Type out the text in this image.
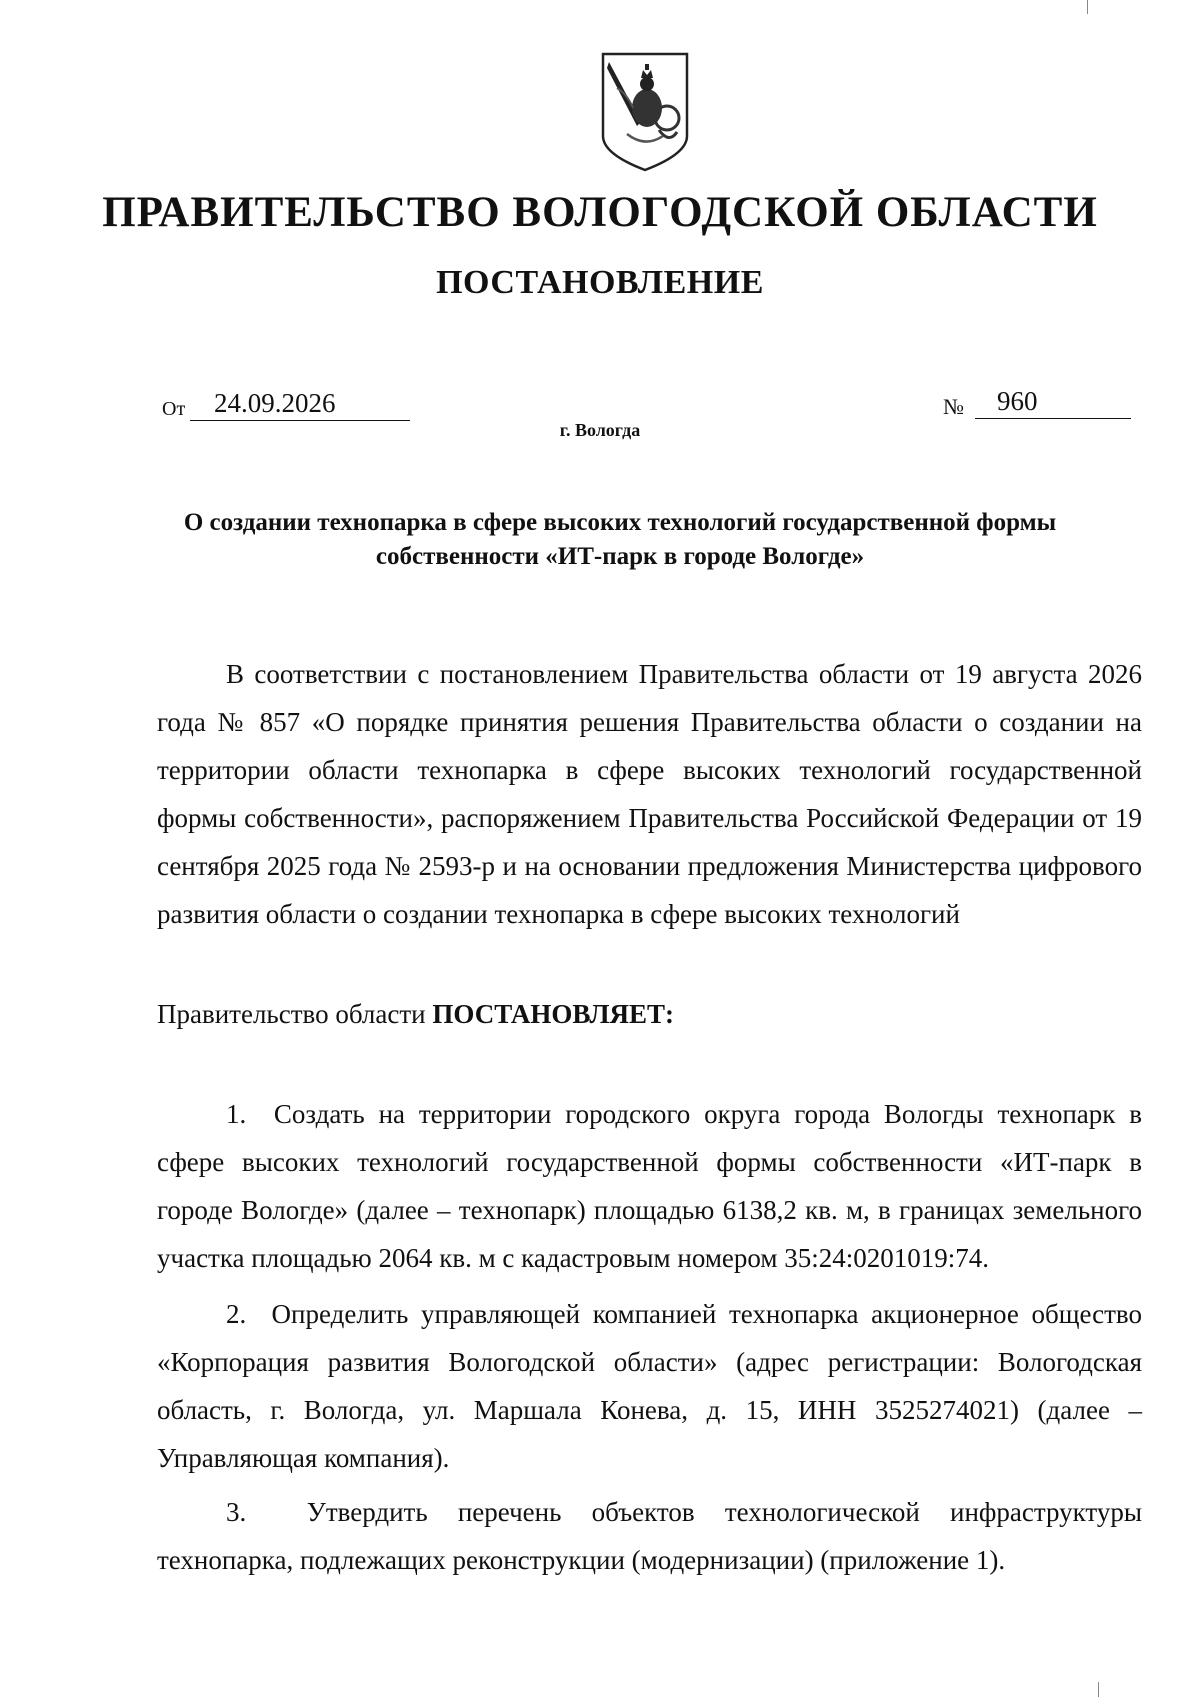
ПРАВИТЕЛЬСТВО ВОЛОГОДСКОЙ ОБЛАСТИ
ПОСТАНОВЛЕНИЕ
От	24.09.2026	№	960
г. Вологда

О создании технопарка в сфере высоких технологий государственной формы собственности «ИТ-парк в городе Вологде»

В соответствии с постановлением Правительства области от 19 августа 2026 года № 857 «О порядке принятия решения Правительства области о создании на территории области технопарка в сфере высоких технологий государственной формы собственности», распоряжением Правительства Российской Федерации от 19 сентября 2025 года № 2593-р и на основании предложения Министерства цифрового развития области о создании технопарка в сфере высоких технологий

Правительство области ПОСТАНОВЛЯЕТ:

1. Создать на территории городского округа города Вологды технопарк в сфере высоких технологий государственной формы собственности «ИТ-парк в городе Вологде» (далее – технопарк) площадью 6138,2 кв. м, в границах земельного участка площадью 2064 кв. м с кадастровым номером 35:24:0201019:74.

2. Определить управляющей компанией технопарка акционерное общество «Корпорация развития Вологодской области» (адрес регистрации: Вологодская область, г. Вологда, ул. Маршала Конева, д. 15, ИНН 3525274021) (далее – Управляющая компания).

3. Утвердить перечень объектов технологической инфраструктуры технопарка, подлежащих реконструкции (модернизации) (приложение 1).
